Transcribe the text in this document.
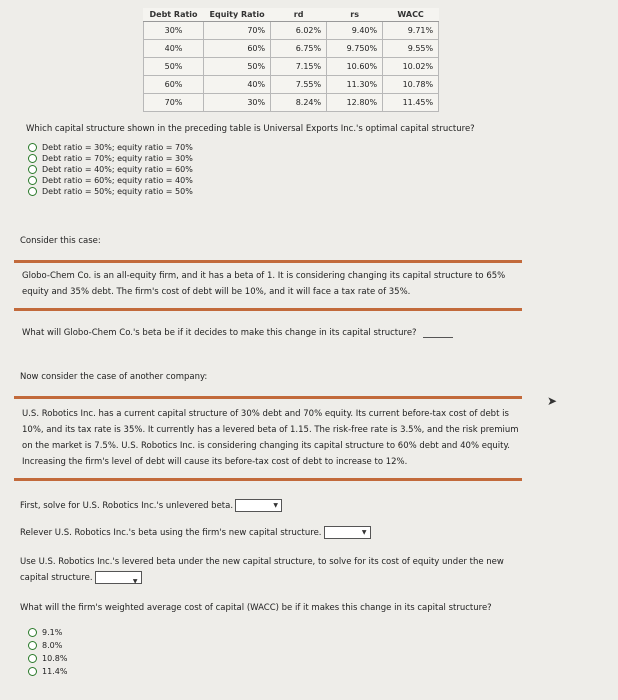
Debt Ratio	Equity Ratio	rd	rs	WACC
30%	70%	6.02%	9.40%	9.71%
40%	60%	6.75%	9.750%	9.55%
50%	50%	7.15%	10.60%	10.02%
60%	40%	7.55%	11.30%	10.78%
70%	30%	8.24%	12.80%	11.45%
Which capital structure shown in the preceding table is Universal Exports Inc.'s optimal capital structure?
Debt ratio = 30%; equity ratio = 70%
Debt ratio = 70%; equity ratio = 30%
Debt ratio = 40%; equity ratio = 60%
Debt ratio = 60%; equity ratio = 40%
Debt ratio = 50%; equity ratio = 50%
Consider this case:
Globo-Chem Co. is an all-equity firm, and it has a beta of 1. It is considering changing its capital structure to 65% equity and 35% debt. The firm's cost of debt will be 10%, and it will face a tax rate of 35%.
What will Globo-Chem Co.'s beta be if it decides to make this change in its capital structure?
Now consider the case of another company:
U.S. Robotics Inc. has a current capital structure of 30% debt and 70% equity. Its current before-tax cost of debt is 10%, and its tax rate is 35%. It currently has a levered beta of 1.15. The risk-free rate is 3.5%, and the risk premium on the market is 7.5%. U.S. Robotics Inc. is considering changing its capital structure to 60% debt and 40% equity. Increasing the firm's level of debt will cause its before-tax cost of debt to increase to 12%.
First, solve for U.S. Robotics Inc.'s unlevered beta.	▼
Relever U.S. Robotics Inc.'s beta using the firm's new capital structure.	▼
Use U.S. Robotics Inc.'s levered beta under the new capital structure, to solve for its cost of equity under the new capital structure.	▼
What will the firm's weighted average cost of capital (WACC) be if it makes this change in its capital structure?
9.1%
8.0%
10.8%
11.4%
➤
